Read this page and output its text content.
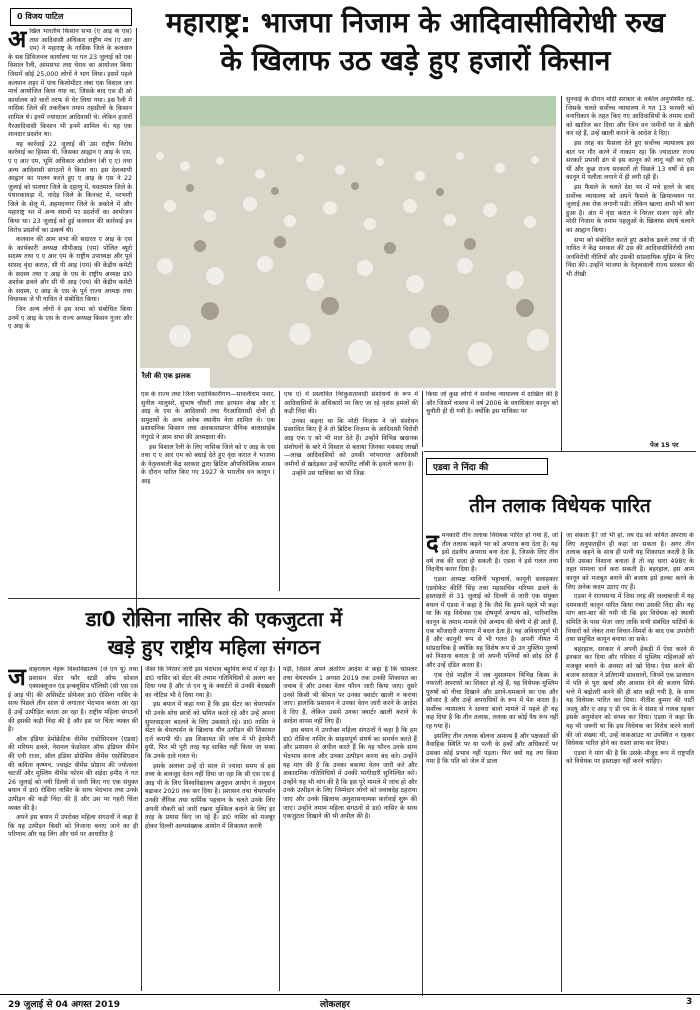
0 विजय पाटिल	महाराष्ट्र: भाजपा निजाम के आदिवासीविरोधी रुख
के खिलाफ उठ खड़े हुए हजारों किसान
अ खिल भारतीय किसान सभा (ए आइ के एस) तथा आदिवासी अधिकार राष्ट्रीय मंच (ए आर एम) ने महाराष्ट्र के नासिक जिले के कलवान के सब डिविजनल कार्यालय पर गत 23 जुलाई को एक विशाल रैली, आमसभा तथा घेराव का आयोजन किया जिसमें कोई 25,000 लोगों ने भाग लिया। इसमें पहले कलवान शहर में पांच किलोमीटर लंबा एक विशाल जन मार्च आयोजित किया गया था, जिसके बाद एस डी ओ कार्यालय को चारों तरफ से घेर लिया गया। इस रैली में नासिक जिले की तकरीबन तमाम तहसीलों के किसान शामिल थे। इनमें ज्यादातर आदिवासी थे। लेकिन हजारों गैरआदिवासी किसान भी इनमें शामिल थे। यह एक शानदार प्रदर्शन था।

यह कार्रवाई 22 जुलाई की उस राष्ट्रीय विरोध कार्रवाई का हिस्सा थी, जिसका आह्वान ए आइ के एस, ए ए आर एम, भूमि अधिकार आंदोलन (बी ए ए) तथा अन्य आदिवासी संगठनों ने किया था। इस देशव्यापी आह्वान का पालन करते हुए ए आइ के एस ने 22 जुलाई को पालघर जिले के दहाणु में, यवतमाल जिले के पंधारकावड़ा में, नांदेड़ जिले के किनवट में, परभणी जिले के सेलू में, अहमदनगर जिले के अकोले में और महाराष्ट्र भर में अन्य स्थानों पर प्रदर्शनों का आयोजन किया था। 23 जुलाई को हुई कलवान की कार्रवाई इन विरोध प्रदर्शनों का उत्कर्ष थी।

कलवान की आम सभा की सदारत ए आइ के एस के कार्यकारी अध्यक्ष सीपीआइ (एम) पोलित ब्यूरो सदस्य तथा ए ए आर एम के राष्ट्रीय उपाध्यक्ष और पूर्व सांसद वृंदा करात, सी पी आइ (एम) की केंद्रीय कमेटी के सदस्य तथा ए आइ के एस के राष्ट्रीय अध्यक्ष डा0 अशोक ढवले और सी पी आइ (एम) की केंद्रीय कमेटी के सदस्य, ए आइ के एस के पूर्व राज्य अध्यक्ष तथा विधायक जे पी गावित ने संबोधित किया।

जिन अन्य लोगों ने इस सभा को संबोधित किया उनमें ए आइ के एस के राज्य अध्यक्ष किसन गुजर और ए आइ के

रैली की एक झलक

एस के राज्य तथा जिला पदाधिकारीगण—सावलीराम पवार, सुनील मालुसरे, सुभाष चौधरी तथा इरफान शेख और ए आइ के एस के आदिवासी तथा गैरआदिवासी दोनों ही समुदायों के अन्य अनेक स्थानीय नेता शामिल थे। एक प्रशासनिक किसान तथा अवकाशप्राप्त सैनिक बालासाहेब गंगुरडे ने आम सभा की अध्यक्षता की।

इस विशाल रैली के लिए नासिक जिले को ए आइ के एस तथा ए ए आर एम को बधाई देते हुए वृंदा करात ने भाजपा के नेतृत्ववाली केंद्र सरकार द्वारा ब्रिटिश औपनिवेशिक शासन के दौरान पारित किए गए 1927 के भारतीय वन कानून ( आइ

एफ ए) में प्रस्तावित निरंकुशतावादी संशोधनों के रूप में आदिवासियों के अधिकारों पर किए जा रहे नृशंस हमलों की कड़ी निंदा की।

उनका कहना था कि मोदी निजाम ने जो संशोधन प्रस्तावित किए हैं वे तो ब्रिटिश निजाम के आदिवासी विरोधी आइ एफ ए को भी मात देते हैं। उन्होंने विभिन्न खदानक संशोधनों के बारे में विस्तार से बताया जिनका मकसद लाखों—लाख आदिवासियों को उनकी परंपरागत आदिवासी जमीनों से खदेड़कर उन्हें कार्पोरेट लॉबी के हवाले करना है।

उन्होंने उस याचिका का भी जिक्र

किया जो कुछ लोगों ने सर्वोच्च न्यायालय में दाखिल की है और जिसमें वास्तव में वर्ष 2006 के वनाधिकार कानून को चुनौती ही दी गयी है। क्योंकि इस याचिका पर

सुनवाई के दौरान मोदी सरकार के वकील अनुपस्थित रहे, जिसके चलते सर्वोच्च न्यायालय ने गत 13 फरवरी को वनाधिकार के तहत किए गए आदिवासियों के तमाम दावों को खारिज कर दिया और जिन वन जमीनों पर वे खेती कर रहे हैं, उन्हें खाली कराने के आदेश दे दिए।

इस तरह का फैसला देते हुए सर्वोच्च न्यायालय इस बात पर गौर करने में नाकाम रहा कि ज्यादातर राज्य सरकारें प्रभावी ढंग से इस कानून को लागू नहीं कर रही थीं और कुछ राज्य सरकारों तो पिछले 13 वर्षों से इस कानून में पलीता लगाने में ही लगी रही हैं।

इस फैसले के चलते देश भर में मचे हल्ले के बाद सर्वोच्च न्यायालय को अपने फैसले के क्रियान्वयन पर जुलाई तक रोक लगानी पड़ी। लेकिन खतरा अभी भी बना हुआ है। अंत में वृंदा करात ने निरंतर सजग रहने और मोदी निजाम के तमाम पहलुओं के खिलाफ संघर्ष चलाने का आह्वान किया।

सभा को संबोधित करते हुए अशोक ढवले तथा जे पी गावित ने केंद्र सरकार की उस की आदिवासीविरोधी तथा जनविरोधी नीतियों और उसकी सांप्रदायिक मुहिम के लिए निंदा की। उन्होंने भाजपा के नेतृत्ववाली राज्य सरकार की भी तीखी

पेज 15 पर
एडवा ने निंदा की
तीन तलाक विधेयक पारित
द मनकारी तीन तलाक विधेयक पारित हो गया है, जो तीन तलाक कहने भर को अपराध बना देता है। यह इसे दंडनीय अपराध बना देता है, जिसके लिए तीन वर्ष तक की सजा हो सकती है। एडवा ने इसे गलत तथा निंदनीय करार दिया है।

एडवा अध्यक्ष मालिनी भट्टाचार्य, कानूनी सलाहकार एडवोकेट कीर्ति सिंह तथा महासचिव मरियम ढवले के हस्ताक्षरों से 31 जुलाई को दिल्ली से जारी एक संयुक्त बयान में एडवा ने कहा है कि जैसे कि हमने पहले भी कहा था कि यह विधेयक एक दोषपूर्ण अन्याय को, पारिवारिक कानून के तमाम मामले ऐसे अन्याय की श्रेणी में ही आते हैं, एक फौजदारी अपराध में बदल देता है। यह अविचारपूर्ण भी है और कानूनी रूप से भी गलत है। अपनी नीयत में सांप्रदायिक है क्योंकि यह विशेष रूप से उन मुस्लिम पुरुषों को निशाना बनाता है जो अपनी पत्नियों को छोड़ देते हैं और उन्हें दंडित करता है।

एक ऐसे माहौल में जब मुसलमान विभिन्न किस्म के नफरती अपराधों का शिकार हो रहे हैं, यह विधेयक मुस्लिम पुरुषों को नीचा दिखाने और डराने-धमकाने का एक और औजार है और उन्हें अपराधियों के रूप में पेश करता है। सर्वोच्च न्यायालय ने सायरा बानो मामले में पहले ही यह कह दिया है कि तीन तलाक, तलाक का कोई वैध रूप नहीं रह गया है।

इसलिए तीन तलाक बोलना अमान्य है और पक्षकारों की वैवाहिक स्थिति पर या पत्नी के हकों और अधिकारों पर उसका कोई प्रभाव नहीं पड़ता। फिर क्यों यह तय किया गया है कि पति को जेल में डाला

जा सकता है? जो भी हो, तय दंड को कथित अपराध के लिए अनुपातहीन ही कहा जा सकता है। अगर तीन तलाक कहने के साथ ही पत्नी यह शिकायत करती है कि पति उसका निशाना बनाता है तो वह धारा 498ए के तहत मामला दर्ज करा सकती है। बहरहाल, इस आम कानून को मजबूत बनाने की बजाय इसे हल्का करने के लिए अनेक कदम उठाए गए हैं।

एडवा ने राज्यसभा में जिस तरह की जल्दबाजी में यह दमनकारी कानून पारित किया गया उसकी निंदा की। यह मांग बार-बार की गयी थी कि इस विधेयक को स्थायी समिति के पास भेजा जाए ताकि सभी संबंधित पार्टियों के विचारों को लेकर तथा विचार-विमर्श के बाद एक उपयोगी तथा समुचित कानून बनाया जा सके।

बहरहाल, सरकार ने अपनी हेकड़ी में ऐसा करने से इनकार कर दिया और परिवार में मुस्लिम महिलाओं को मजबूत बनाने के अवसर को खो दिया। ऐसा करने की बजाय सरकार ने प्रतिगामी प्रावधानों, जिनमें एक प्रावधान में पति से पूरा खर्चा और आवास देने की बजाय सिर्फ भत्ते में बढ़ोतरी करने की ही बात कही गयी है, के साथ यह विधेयक पारित कर दिया। नीतीश कुमार की पार्टी जदयू और ए आइ ए डी एम के ने संसद से गायब रहकर इसके अनुमोदन को संभव कर दिया। एडवा ने कहा कि यह भी जरूरी था कि इस विधेयक का विरोध करने वालों की जो संख्या थी, उन्हें वाकआउट या उपस्थित न रहकर विधेयक पारित होने का रास्ता साफ कर दिया।

एडवा ने मांग की है कि उसके मौजूद रूप में राष्ट्रपति को विधेयक पर हस्ताक्षर नहीं करने चाहिए।

डा0 रोसिना नासिर की एकजुटता में
खड़े हुए राष्ट्रीय महिला संगठन
ज वाहरलाल नेहरू विश्वविद्यालय (जे एन यू) तथा प्रशासन सेंटर फॉर स्टडी ऑफ सोशल एक्सक्लूजन एंड इन्क्लूसिव पॉलिसी (सी एस एस ई आइ पी) की असिस्टेंट प्रोफेसर डा0 रोसिना नासिर के साथ पिछले तीन साल से लगातार भेदभाव करता आ रहा है उन्हें उत्पीड़ित करता आ रहा है। राष्ट्रीय महिला संगठनों की इसकी कड़ी निंदा की है और इस पर चिंता व्यक्त की है।

ऑल इंडिया डेमोक्रेटिक वीमेंस एसोसिएशन (एडवा) की मरियम ढवले, नेशनल फेडरेशन ऑफ इंडियन वीमेन की एनी राजा, ऑल इंडिया प्रोग्रेसिव वीमेंस एसोसिएशन की कविता कृष्णन, ज्वाइंट वीमेंस प्रोग्राम की ज्योत्सना चटर्जी और मुस्लिम वीमेंस फोरम की सईदा हमीद ने गत 26 जुलाई को नयी दिल्ली से जारी किए गए एक संयुक्त बयान में डा0 रोसिना नासिर के साथ भेदभाव तथा उनके उत्पीड़न की कड़ी निंदा की है और उस पर गहरी चिंता व्यक्त की है।

अपने इस बयान में उपरोक्त महिला संगठनों ने कहा है कि यह उत्पीड़न किसी को निजाना बनाए जाने का ही परिणाम और यह लिंग और धर्म पर आधारित है

जैसा कि निरंतर जारी इस भेदभाव बहुविध रूपों में रहा है। डा0 नासिर को सेंटर की तमाम गतिविधियों से अलग कर दिया गया है और जे एन यू के क्वार्टरों से उनकी बेदखली का नोटिस भी दे दिया गया है।

इस बयान में कहा गया है कि इस सेंटर का चेयरपर्सन भी उनके शोध छात्रों को भ्रमित करते रहे और उन्हें अपना सुपरवाइजर बदलने के लिए उकसाते रहे। डा0 नासिर ने सेंटर के चेयरपर्सन के खिलाफ यौन उत्पीड़न की शिकायत दर्ज करायी थी। इस शिकायत की जांच में भी हेराफेरी हुयी, फिर भी पूरी तरह यह साबित नहीं किया जा सका कि उनके दावे गलत थे।

इसके अलावा उन्हें दो साल से ज्यादा समय से इस तथ्य के बावजूद वेतन नहीं दिया जा रहा कि सी एस एस ई आइ पी के लिए विश्वविद्यालय अनुदान आयोग ने अनुदान बढ़ाकर 2020 तक कर दिया है। प्रशासन तथा चेयरपर्सन उनकी लैंगिक तथा धार्मिक पहचान के चलते उनके लिए अपनी नौकरी को जारी रखना मुश्किल बनाने के लिए हर तरह के प्रयास किए जा रहे हैं। डा0 नासिर को मजबूर होकर दिल्ली अल्पसंख्यक आयोग में शिकायत करनी

पड़ी, जिसने अपने अंतरिम आदेश में कहा है कि चांसलर तथा चेयरपर्सन 1 अगस्त 2019 तक उनकी शिकायत का जवाब दें और उनका वेतन फौरन जारी किया जाए। दूसरे उनसे किसी भी कीमत पर उनका क्वार्टर खाली न कराया जाए। हालांकि प्रशासन ने उनका वेतन जारी करने के आदेश दे दिए हैं, लेकिन उससे उनका क्वार्टर खाली कराने के आदेश वापस नहीं लिए हैं।

इस बयान में उपरोक्त महिला संगठनों ने कहा है कि हम डा0 रोसिना नासिर के साहसपूर्ण संघर्ष का समर्थन करते हैं और प्रशासन से अपील करते हैं कि वह फौरन उनके साथ भेदभाव करना और उनका उत्पीड़न करना बंद करे। उन्होंने यह मांग की है कि उनका बकाया वेतन जारी करे और अकादमिक गतिविधियों में उनकी भागीदारी सुनिश्चित करे। उन्होंने यह भी मांग की है कि इस पूरे मामले में जांच हो और उनके उत्पीड़न के लिए जिम्मेदार लोगों को जवाबदेह ठहराया जाए और उनके खिलाफ अनुशासनात्मक कार्रवाई शुरू की जाए। उन्होंने तमाम महिला संगठनों से डा0 नासिर के साथ एकजुटता दिखाने की भी अपील की है।

29 जुलाई से 04 अगस्त 2019	लोकलहर	3
